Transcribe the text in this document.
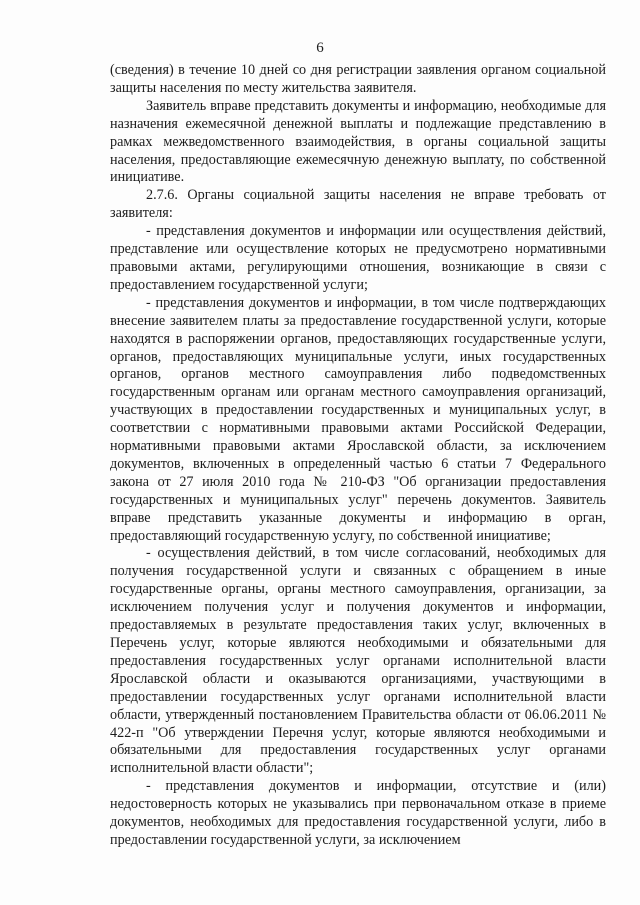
6

(сведения) в течение 10 дней со дня регистрации заявления органом социальной защиты населения по месту жительства заявителя.

Заявитель вправе представить документы и информацию, необходимые для назначения ежемесячной денежной выплаты и подлежащие представлению в рамках межведомственного взаимодействия, в органы социальной защиты населения, предоставляющие ежемесячную денежную выплату, по собственной инициативе.

2.7.6. Органы социальной защиты населения не вправе требовать от заявителя:

- представления документов и информации или осуществления действий, представление или осуществление которых не предусмотрено нормативными правовыми актами, регулирующими отношения, возникающие в связи с предоставлением государственной услуги;

- представления документов и информации, в том числе подтверждающих внесение заявителем платы за предоставление государственной услуги, которые находятся в распоряжении органов, предоставляющих государственные услуги, органов, предоставляющих муниципальные услуги, иных государственных органов, органов местного самоуправления либо подведомственных государственным органам или органам местного самоуправления организаций, участвующих в предоставлении государственных и муниципальных услуг, в соответствии с нормативными правовыми актами Российской Федерации, нормативными правовыми актами Ярославской области, за исключением документов, включенных в определенный частью 6 статьи 7 Федерального закона от 27 июля 2010 года № 210-ФЗ "Об организации предоставления государственных и муниципальных услуг" перечень документов. Заявитель вправе представить указанные документы и информацию в орган, предоставляющий государственную услугу, по собственной инициативе;

- осуществления действий, в том числе согласований, необходимых для получения государственной услуги и связанных с обращением в иные государственные органы, органы местного самоуправления, организации, за исключением получения услуг и получения документов и информации, предоставляемых в результате предоставления таких услуг, включенных в Перечень услуг, которые являются необходимыми и обязательными для предоставления государственных услуг органами исполнительной власти Ярославской области и оказываются организациями, участвующими в предоставлении государственных услуг органами исполнительной власти области, утвержденный постановлением Правительства области от 06.06.2011 № 422-п "Об утверждении Перечня услуг, которые являются необходимыми и обязательными для предоставления государственных услуг органами исполнительной власти области";

- представления документов и информации, отсутствие и (или) недостоверность которых не указывались при первоначальном отказе в приеме документов, необходимых для предоставления государственной услуги, либо в предоставлении государственной услуги, за исключением
